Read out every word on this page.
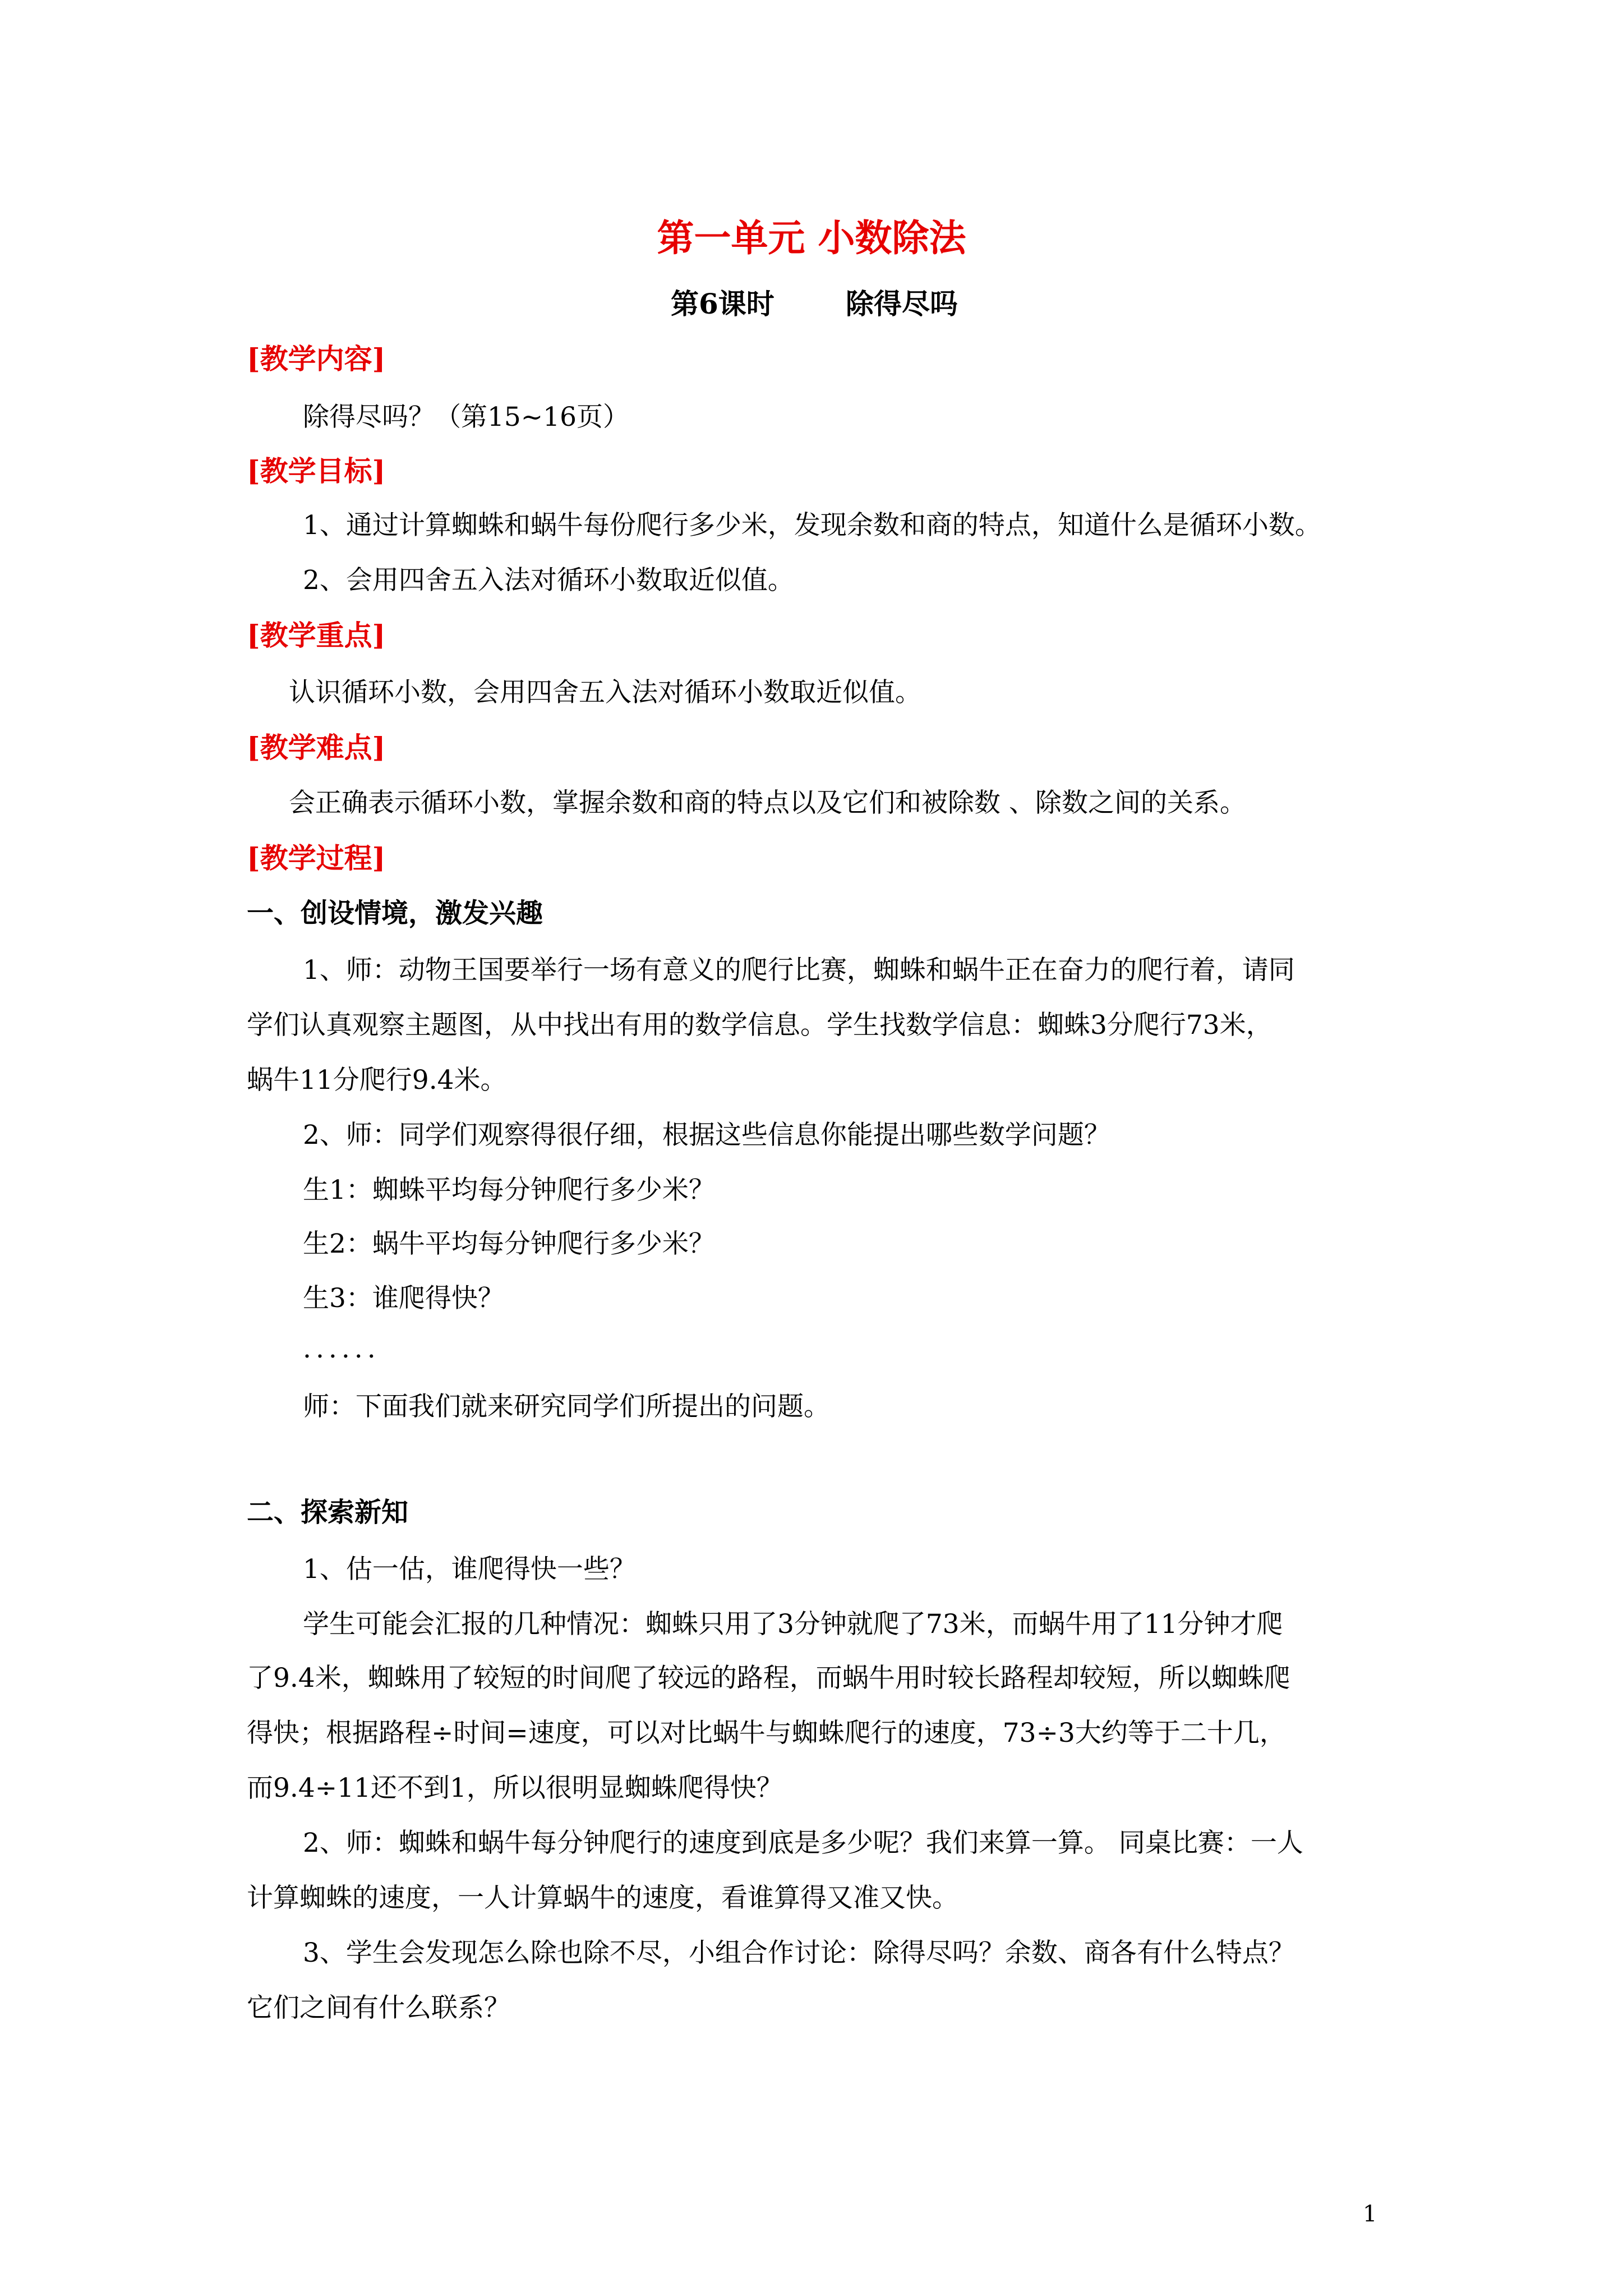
第一单元 小数除法
第6课时	除得尽吗
[教学内容]
除得尽吗？（第15~16页）
[教学目标]
1、通过计算蜘蛛和蜗牛每份爬行多少米，发现余数和商的特点，知道什么是循环小数。
2、会用四舍五入法对循环小数取近似值。
[教学重点]
认识循环小数，会用四舍五入法对循环小数取近似值。
[教学难点]
会正确表示循环小数，掌握余数和商的特点以及它们和被除数 、除数之间的关系。
[教学过程]
一、创设情境，激发兴趣
1、师：动物王国要举行一场有意义的爬行比赛，蜘蛛和蜗牛正在奋力的爬行着，请同
学们认真观察主题图，从中找出有用的数学信息。学生找数学信息：蜘蛛3分爬行73米，
蜗牛11分爬行9.4米。
2、师：同学们观察得很仔细，根据这些信息你能提出哪些数学问题？
生1：蜘蛛平均每分钟爬行多少米？
生2：蜗牛平均每分钟爬行多少米？
生3：谁爬得快？
......
师：下面我们就来研究同学们所提出的问题。
二、探索新知
1、估一估，谁爬得快一些？
学生可能会汇报的几种情况：蜘蛛只用了3分钟就爬了73米，而蜗牛用了11分钟才爬
了9.4米，蜘蛛用了较短的时间爬了较远的路程，而蜗牛用时较长路程却较短，所以蜘蛛爬
得快；根据路程÷时间=速度，可以对比蜗牛与蜘蛛爬行的速度，73÷3大约等于二十几，
而9.4÷11还不到1，所以很明显蜘蛛爬得快？
2、师：蜘蛛和蜗牛每分钟爬行的速度到底是多少呢？我们来算一算。 同桌比赛：一人
计算蜘蛛的速度，一人计算蜗牛的速度，看谁算得又准又快。
3、学生会发现怎么除也除不尽，小组合作讨论：除得尽吗？余数、商各有什么特点？
它们之间有什么联系？
1
